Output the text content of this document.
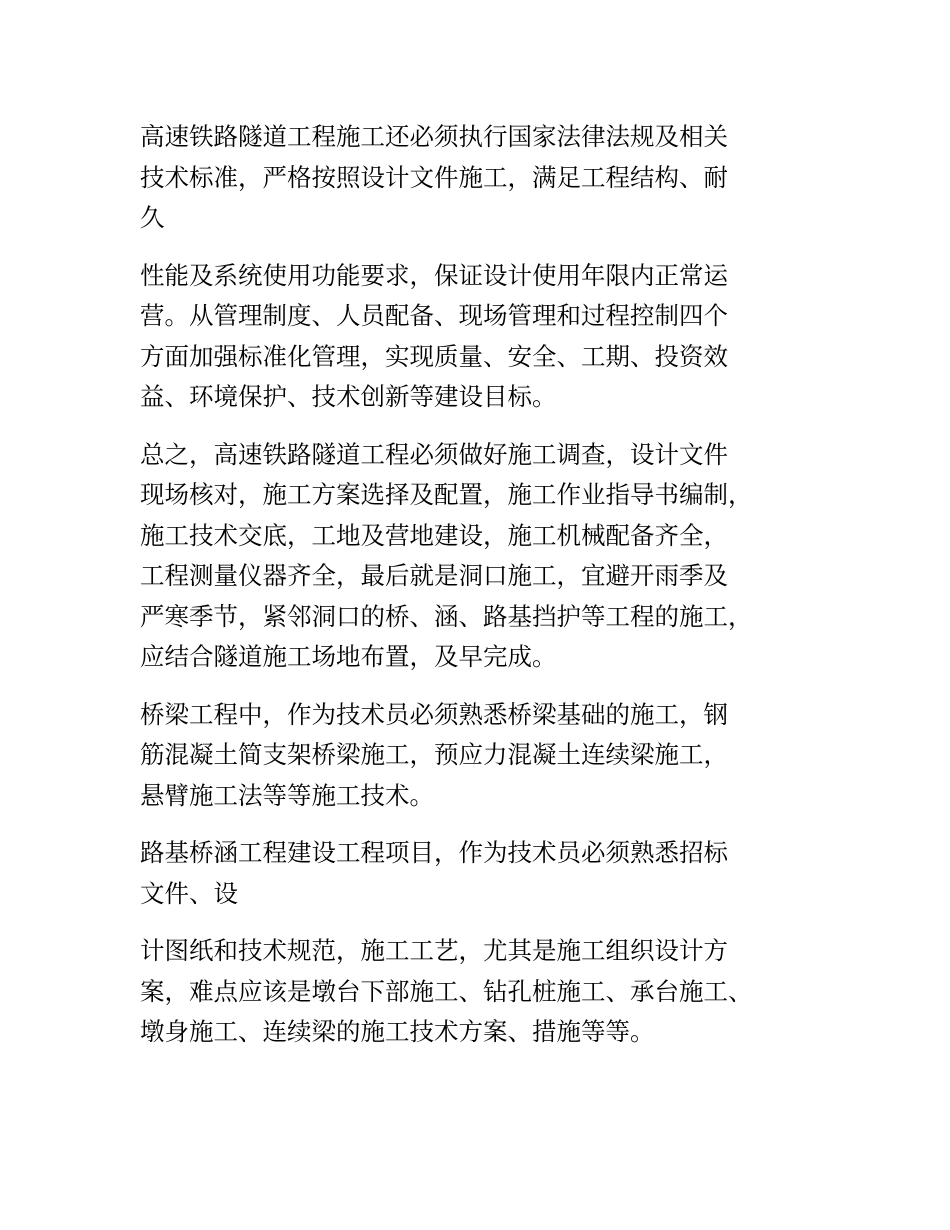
高速铁路隧道工程施工还必须执行国家法律法规及相关
技术标准，严格按照设计文件施工，满足工程结构、耐
久

性能及系统使用功能要求，保证设计使用年限内正常运
营。从管理制度、人员配备、现场管理和过程控制四个
方面加强标准化管理，实现质量、安全、工期、投资效
益、环境保护、技术创新等建设目标。

总之，高速铁路隧道工程必须做好施工调查，设计文件
现场核对，施工方案选择及配置，施工作业指导书编制，
施工技术交底，工地及营地建设，施工机械配备齐全，
工程测量仪器齐全，最后就是洞口施工，宜避开雨季及
严寒季节，紧邻洞口的桥、涵、路基挡护等工程的施工，
应结合隧道施工场地布置，及早完成。

桥梁工程中，作为技术员必须熟悉桥梁基础的施工，钢
筋混凝土简支架桥梁施工，预应力混凝土连续梁施工，
悬臂施工法等等施工技术。

路基桥涵工程建设工程项目，作为技术员必须熟悉招标
文件、设

计图纸和技术规范，施工工艺，尤其是施工组织设计方
案，难点应该是墩台下部施工、钻孔桩施工、承台施工、
墩身施工、连续梁的施工技术方案、措施等等。
